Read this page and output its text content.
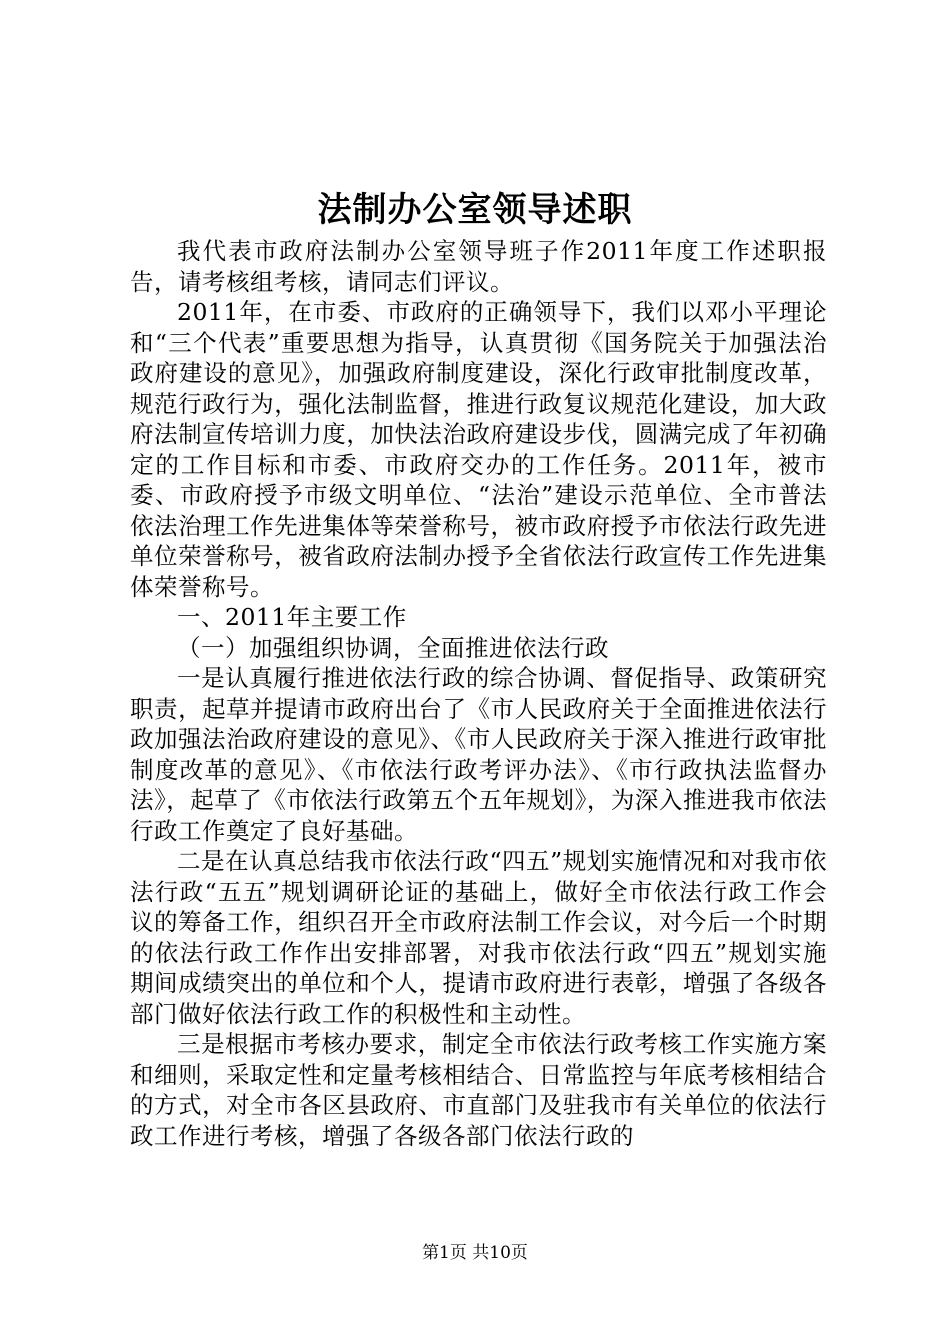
法制办公室领导述职

我代表市政府法制办公室领导班子作2011年度工作述职报告，请考核组考核，请同志们评议。

2011年，在市委、市政府的正确领导下，我们以邓小平理论和“三个代表”重要思想为指导，认真贯彻《国务院关于加强法治政府建设的意见》，加强政府制度建设，深化行政审批制度改革，规范行政行为，强化法制监督，推进行政复议规范化建设，加大政府法制宣传培训力度，加快法治政府建设步伐，圆满完成了年初确定的工作目标和市委、市政府交办的工作任务。2011年，被市委、市政府授予市级文明单位、“法治”建设示范单位、全市普法依法治理工作先进集体等荣誉称号，被市政府授予市依法行政先进单位荣誉称号，被省政府法制办授予全省依法行政宣传工作先进集体荣誉称号。

一、2011年主要工作

（一）加强组织协调，全面推进依法行政

一是认真履行推进依法行政的综合协调、督促指导、政策研究职责，起草并提请市政府出台了《市人民政府关于全面推进依法行政加强法治政府建设的意见》、《市人民政府关于深入推进行政审批制度改革的意见》、《市依法行政考评办法》、《市行政执法监督办法》，起草了《市依法行政第五个五年规划》，为深入推进我市依法行政工作奠定了良好基础。

二是在认真总结我市依法行政“四五”规划实施情况和对我市依法行政“五五”规划调研论证的基础上，做好全市依法行政工作会议的筹备工作，组织召开全市政府法制工作会议，对今后一个时期的依法行政工作作出安排部署，对我市依法行政“四五”规划实施期间成绩突出的单位和个人，提请市政府进行表彰，增强了各级各部门做好依法行政工作的积极性和主动性。

三是根据市考核办要求，制定全市依法行政考核工作实施方案和细则，采取定性和定量考核相结合、日常监控与年底考核相结合的方式，对全市各区县政府、市直部门及驻我市有关单位的依法行政工作进行考核，增强了各级各部门依法行政的

第1页 共10页
